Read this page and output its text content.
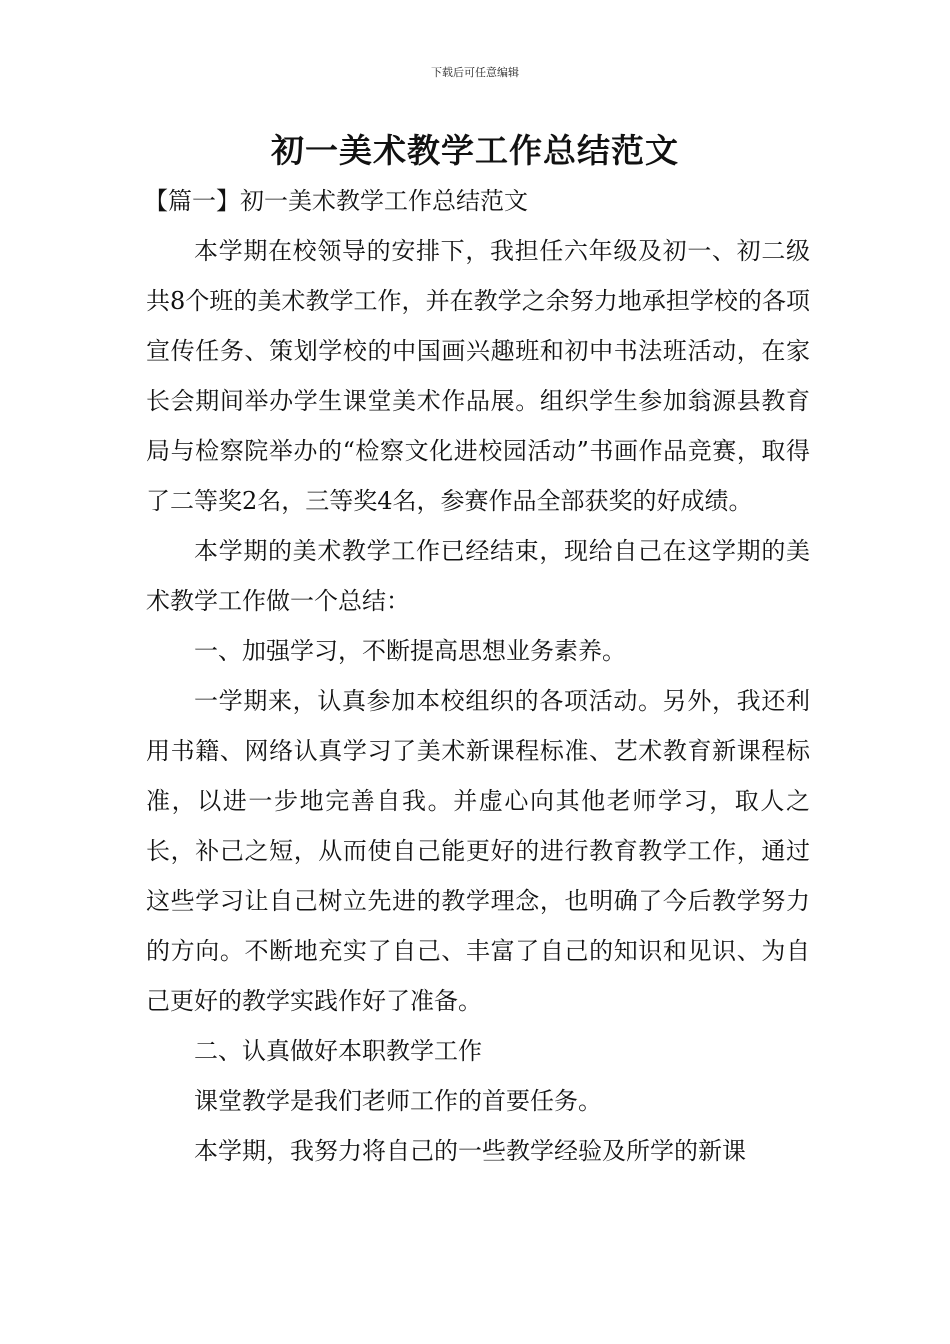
下载后可任意编辑
初一美术教学工作总结范文

【篇一】初一美术教学工作总结范文

本学期在校领导的安排下，我担任六年级及初一、初二级共8个班的美术教学工作，并在教学之余努力地承担学校的各项宣传任务、策划学校的中国画兴趣班和初中书法班活动，在家长会期间举办学生课堂美术作品展。组织学生参加翁源县教育局与检察院举办的“检察文化进校园活动”书画作品竞赛，取得了二等奖2名，三等奖4名，参赛作品全部获奖的好成绩。

本学期的美术教学工作已经结束，现给自己在这学期的美术教学工作做一个总结：

一、加强学习，不断提高思想业务素养。

一学期来，认真参加本校组织的各项活动。另外，我还利用书籍、网络认真学习了美术新课程标准、艺术教育新课程标准，以进一步地完善自我。并虚心向其他老师学习，取人之长，补己之短，从而使自己能更好的进行教育教学工作，通过这些学习让自己树立先进的教学理念，也明确了今后教学努力的方向。不断地充实了自己、丰富了自己的知识和见识、为自己更好的教学实践作好了准备。

二、认真做好本职教学工作

课堂教学是我们老师工作的首要任务。

本学期，我努力将自己的一些教学经验及所学的新课
